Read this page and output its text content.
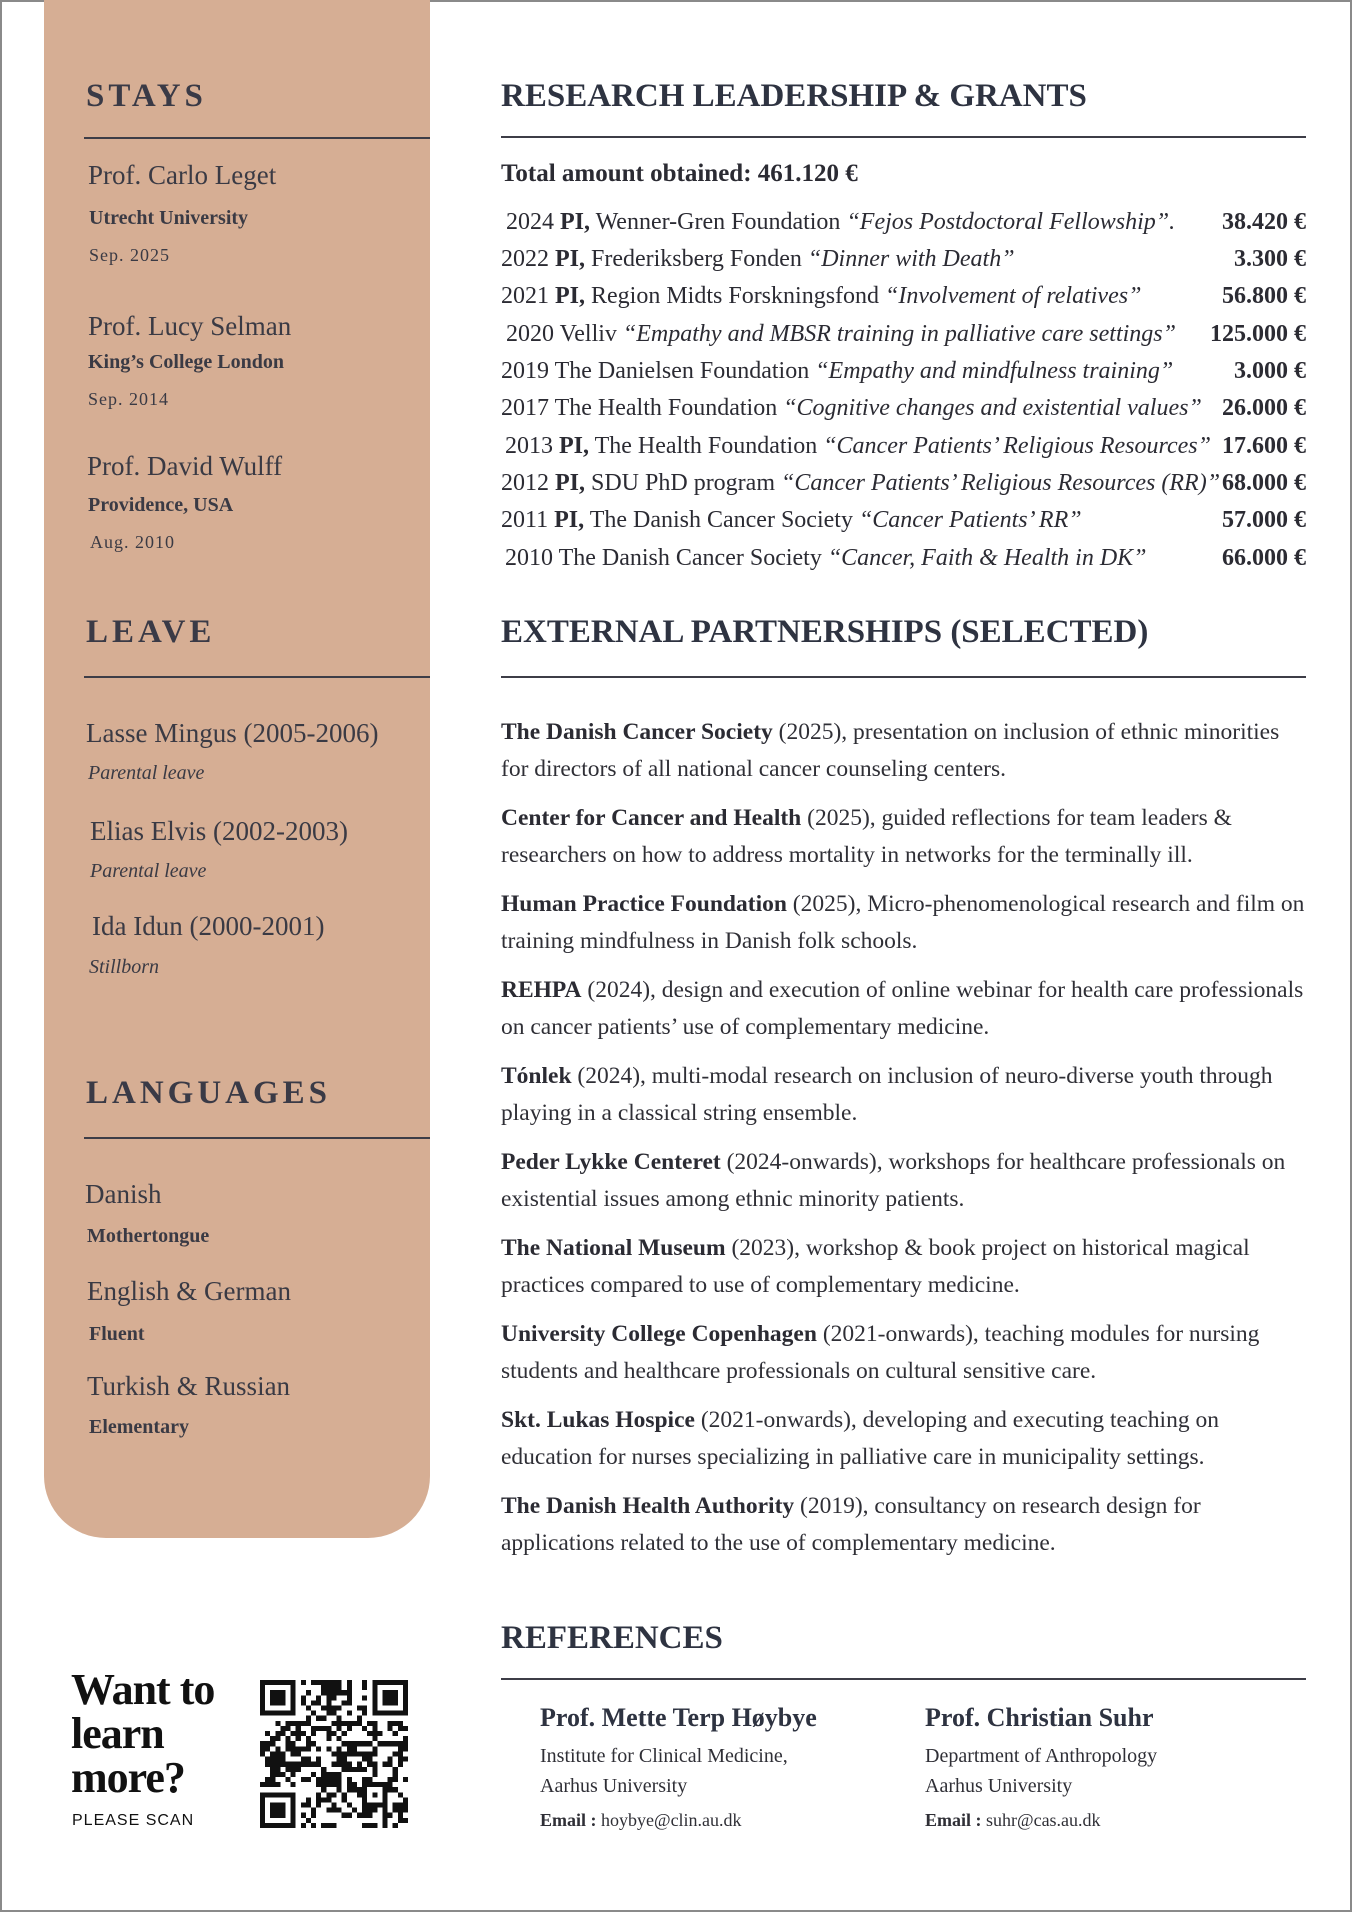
STAYS
Prof. Carlo Leget
Utrecht University
Sep. 2025
Prof. Lucy Selman
King’s College London
Sep. 2014
Prof. David Wulff
Providence, USA
Aug. 2010
LEAVE
Lasse Mingus (2005-2006)
Parental leave
Elias Elvis (2002-2003)
Parental leave
Ida Idun (2000-2001)
Stillborn
LANGUAGES
Danish
Mothertongue
English & German
Fluent
Turkish & Russian
Elementary
RESEARCH LEADERSHIP & GRANTS
Total amount obtained: 461.120 €
2024 PI, Wenner-Gren Foundation “Fejos Postdoctoral Fellowship”. 38.420 €
2022 PI, Frederiksberg Fonden “Dinner with Death”	3.300 €
2021 PI, Region Midts Forskningsfond “Involvement of relatives”	56.800 €
2020 Velliv “Empathy and MBSR training in palliative care settings” 125.000 €
2019 The Danielsen Foundation “Empathy and mindfulness training”	3.000 €
2017 The Health Foundation “Cognitive changes and existential values” 26.000 €
2013 PI, The Health Foundation “Cancer Patients’ Religious Resources” 17.600 €
2012 PI, SDU PhD program “Cancer Patients’ Religious Resources (RR)” 68.000 €
2011 PI, The Danish Cancer Society “Cancer Patients’ RR”	57.000 €
2010 The Danish Cancer Society “Cancer, Faith & Health in DK”	66.000 €
EXTERNAL PARTNERSHIPS (SELECTED)
The Danish Cancer Society (2025), presentation on inclusion of ethnic minorities for directors of all national cancer counseling centers.
Center for Cancer and Health (2025), guided reflections for team leaders & researchers on how to address mortality in networks for the terminally ill.
Human Practice Foundation (2025), Micro-phenomenological research and film on training mindfulness in Danish folk schools.
REHPA (2024), design and execution of online webinar for health care professionals on cancer patients’ use of complementary medicine.
Tónlek (2024), multi-modal research on inclusion of neuro-diverse youth through playing in a classical string ensemble.
Peder Lykke Centeret (2024-onwards), workshops for healthcare professionals on existential issues among ethnic minority patients.
The National Museum (2023), workshop & book project on historical magical practices compared to use of complementary medicine.
University College Copenhagen (2021-onwards), teaching modules for nursing students and healthcare professionals on cultural sensitive care.
Skt. Lukas Hospice (2021-onwards), developing and executing teaching on education for nurses specializing in palliative care in municipality settings.
The Danish Health Authority (2019), consultancy on research design for applications related to the use of complementary medicine.
REFERENCES
Prof. Mette Terp Høybye
Institute for Clinical Medicine,
Aarhus University
Email : hoybye@clin.au.dk
Prof. Christian Suhr
Department of Anthropology
Aarhus University
Email : suhr@cas.au.dk
Want to
learn
more?
PLEASE SCAN
